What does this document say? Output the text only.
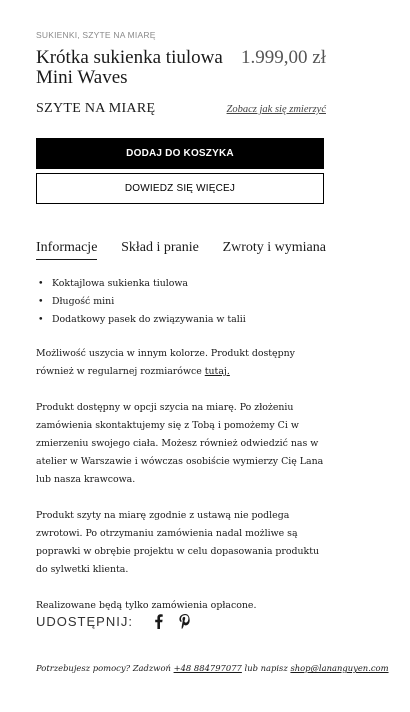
SUKIENKI, SZYTE NA MIARĘ
Krótka sukienka tiulowa Mini Waves
1.999,00 zł
SZYTE NA MIARĘ	Zobacz jak się zmierzyć
DODAJ DO KOSZYKA
DOWIEDZ SIĘ WIĘCEJ
Informacje Skład i pranie Zwroty i wymiana
• Koktajlowa sukienka tiulowa
• Długość mini
• Dodatkowy pasek do związywania w talii

Możliwość uszycia w innym kolorze. Produkt dostępny również w regularnej rozmiarówce tutaj.

Produkt dostępny w opcji szycia na miarę. Po złożeniu zamówienia skontaktujemy się z Tobą i pomożemy Ci w zmierzeniu swojego ciała. Możesz również odwiedzić nas w atelier w Warszawie i wówczas osobiście wymierzy Cię Lana lub nasza krawcowa.

Produkt szyty na miarę zgodnie z ustawą nie podlega zwrotowi. Po otrzymaniu zamówienia nadal możliwe są poprawki w obrębie projektu w celu dopasowania produktu do sylwetki klienta.

Realizowane będą tylko zamówienia opłacone.

UDOSTĘPNIJ:
Potrzebujesz pomocy? Zadzwoń +48 884797077 lub napisz shop@lananguyen.com
